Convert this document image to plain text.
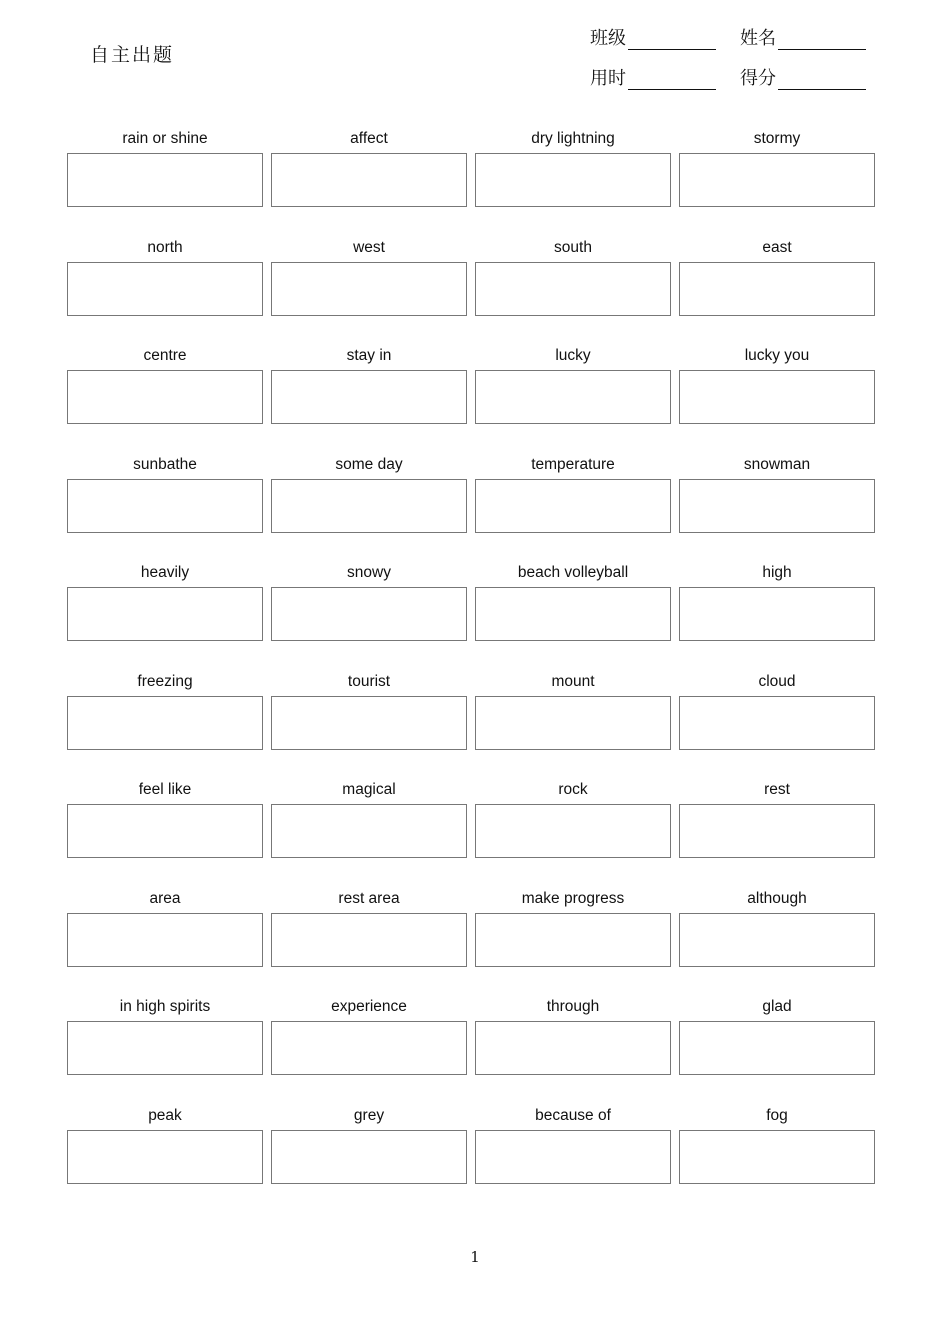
自主出题
班级	姓名
用时	得分
rain or shine	affect	dry lightning	stormy
north	west	south	east
centre	stay in	lucky	lucky you
sunbathe	some day	temperature	snowman
heavily	snowy	beach volleyball	high
freezing	tourist	mount	cloud
feel like	magical	rock	rest
area	rest area	make progress	although
in high spirits	experience	through	glad
peak	grey	because of	fog
1
